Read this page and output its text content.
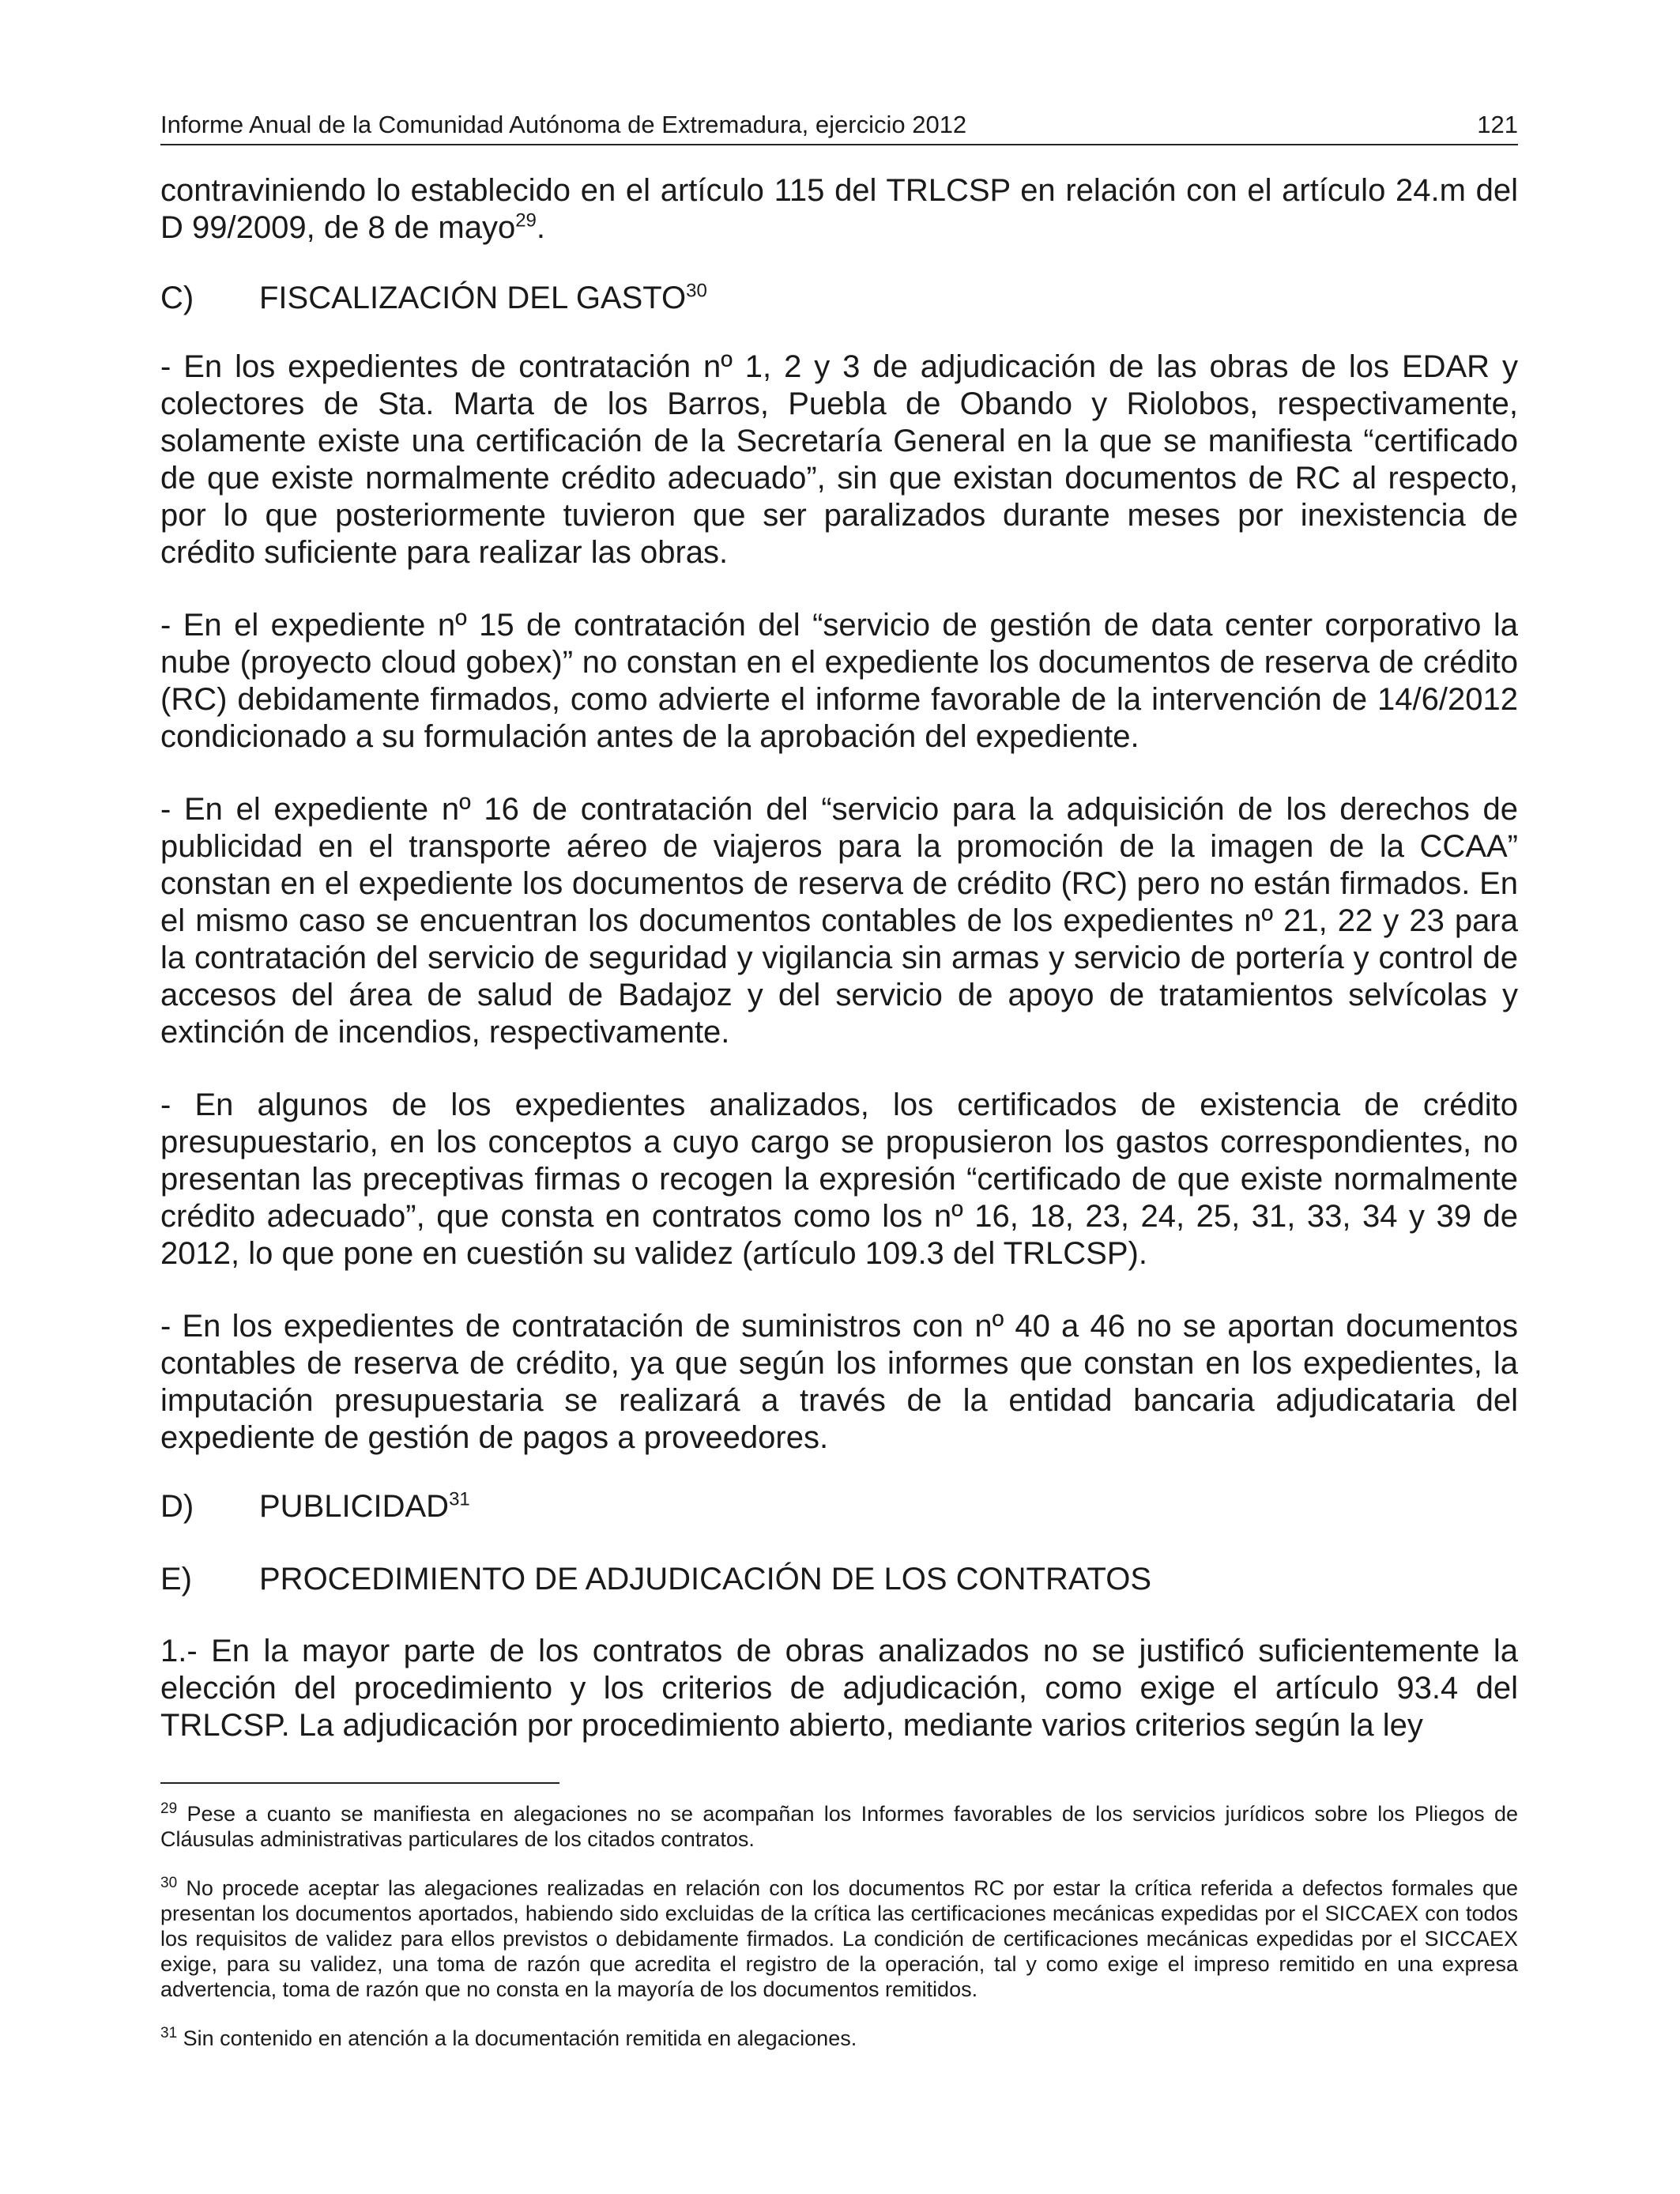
Informe Anual de la Comunidad Autónoma de Extremadura, ejercicio 2012	121

contraviniendo lo establecido en el artículo 115 del TRLCSP en relación con el artículo 24.m del D 99/2009, de 8 de mayo$^{29}$.

C)	FISCALIZACIÓN DEL GASTO$^{30}$

- En los expedientes de contratación nº 1, 2 y 3 de adjudicación de las obras de los EDAR y colectores de Sta. Marta de los Barros, Puebla de Obando y Riolobos, respectivamente, solamente existe una certificación de la Secretaría General en la que se manifiesta “certificado de que existe normalmente crédito adecuado”, sin que existan documentos de RC al respecto, por lo que posteriormente tuvieron que ser paralizados durante meses por inexistencia de crédito suficiente para realizar las obras.

- En el expediente nº 15 de contratación del “servicio de gestión de data center corporativo la nube (proyecto cloud gobex)” no constan en el expediente los documentos de reserva de crédito (RC) debidamente firmados, como advierte el informe favorable de la intervención de 14/6/2012 condicionado a su formulación antes de la aprobación del expediente.

- En el expediente nº 16 de contratación del “servicio para la adquisición de los derechos de publicidad en el transporte aéreo de viajeros para la promoción de la imagen de la CCAA” constan en el expediente los documentos de reserva de crédito (RC) pero no están firmados. En el mismo caso se encuentran los documentos contables de los expedientes nº 21, 22 y 23 para la contratación del servicio de seguridad y vigilancia sin armas y servicio de portería y control de accesos del área de salud de Badajoz y del servicio de apoyo de tratamientos selvícolas y extinción de incendios, respectivamente.

- En algunos de los expedientes analizados, los certificados de existencia de crédito presupuestario, en los conceptos a cuyo cargo se propusieron los gastos correspondientes, no presentan las preceptivas firmas o recogen la expresión “certificado de que existe normalmente crédito adecuado”, que consta en contratos como los nº 16, 18, 23, 24, 25, 31, 33, 34 y 39 de 2012, lo que pone en cuestión su validez (artículo 109.3 del TRLCSP).

- En los expedientes de contratación de suministros con nº 40 a 46 no se aportan documentos contables de reserva de crédito, ya que según los informes que constan en los expedientes, la imputación presupuestaria se realizará a través de la entidad bancaria adjudicataria del expediente de gestión de pagos a proveedores.

D)	PUBLICIDAD$^{31}$
E)	PROCEDIMIENTO DE ADJUDICACIÓN DE LOS CONTRATOS

1.- En la mayor parte de los contratos de obras analizados no se justificó suficientemente la elección del procedimiento y los criterios de adjudicación, como exige el artículo 93.4 del TRLCSP. La adjudicación por procedimiento abierto, mediante varios criterios según la ley

$^{29}$ Pese a cuanto se manifiesta en alegaciones no se acompañan los Informes favorables de los servicios jurídicos sobre los Pliegos de Cláusulas administrativas particulares de los citados contratos.

$^{30}$ No procede aceptar las alegaciones realizadas en relación con los documentos RC por estar la crítica referida a defectos formales que presentan los documentos aportados, habiendo sido excluidas de la crítica las certificaciones mecánicas expedidas por el SICCAEX con todos los requisitos de validez para ellos previstos o debidamente firmados. La condición de certificaciones mecánicas expedidas por el SICCAEX exige, para su validez, una toma de razón que acredita el registro de la operación, tal y como exige el impreso remitido en una expresa advertencia, toma de razón que no consta en la mayoría de los documentos remitidos.

$^{31}$ Sin contenido en atención a la documentación remitida en alegaciones.
